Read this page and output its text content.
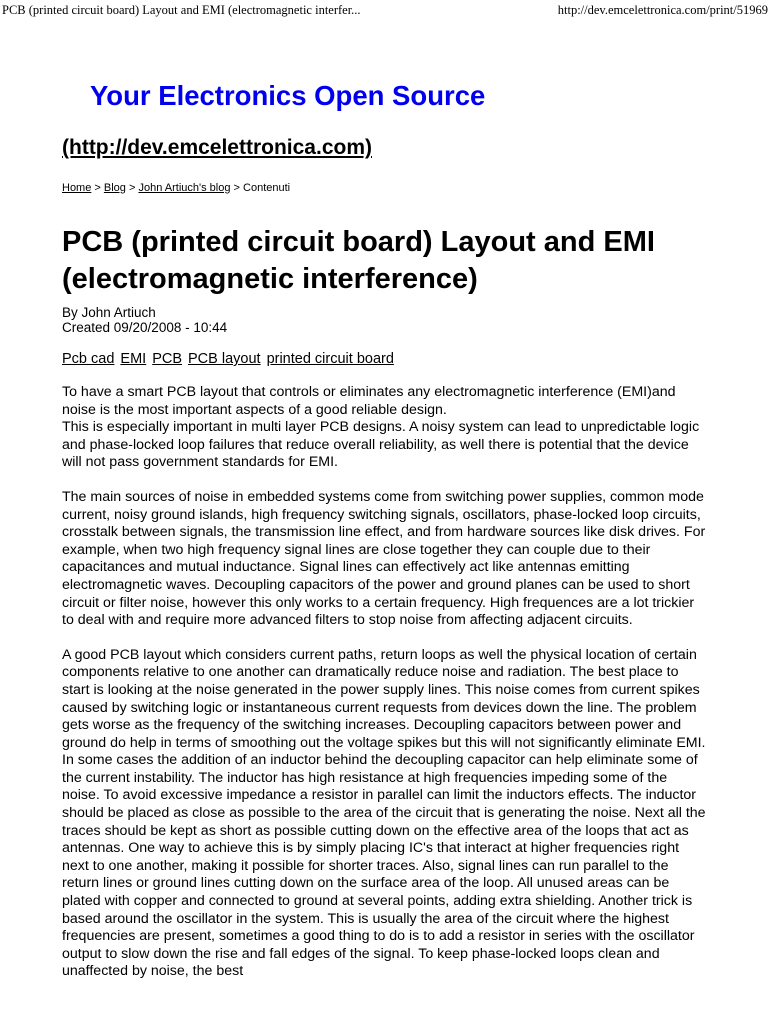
PCB (printed circuit board) Layout and EMI (electromagnetic interfer...	http://dev.emcelettronica.com/print/51969
Your Electronics Open Source
(http://dev.emcelettronica.com)
Home > Blog > John Artiuch's blog > Contenuti
PCB (printed circuit board) Layout and EMI (electromagnetic interference)
By John Artiuch
Created 09/20/2008 - 10:44
Pcb cad EMI PCB PCB layout printed circuit board

To have a smart PCB layout that controls or eliminates any electromagnetic interference (EMI)and noise is the most important aspects of a good reliable design.
This is especially important in multi layer PCB designs. A noisy system can lead to unpredictable logic and phase-locked loop failures that reduce overall reliability, as well there is potential that the device will not pass government standards for EMI.

The main sources of noise in embedded systems come from switching power supplies, common mode current, noisy ground islands, high frequency switching signals, oscillators, phase-locked loop circuits, crosstalk between signals, the transmission line effect, and from hardware sources like disk drives. For example, when two high frequency signal lines are close together they can couple due to their capacitances and mutual inductance. Signal lines can effectively act like antennas emitting electromagnetic waves. Decoupling capacitors of the power and ground planes can be used to short circuit or filter noise, however this only works to a certain frequency. High frequences are a lot trickier to deal with and require more advanced filters to stop noise from affecting adjacent circuits.

A good PCB layout which considers current paths, return loops as well the physical location of certain components relative to one another can dramatically reduce noise and radiation. The best place to start is looking at the noise generated in the power supply lines. This noise comes from current spikes caused by switching logic or instantaneous current requests from devices down the line. The problem gets worse as the frequency of the switching increases. Decoupling capacitors between power and ground do help in terms of smoothing out the voltage spikes but this will not significantly eliminate EMI. In some cases the addition of an inductor behind the decoupling capacitor can help eliminate some of the current instability. The inductor has high resistance at high frequencies impeding some of the noise. To avoid excessive impedance a resistor in parallel can limit the inductors effects. The inductor should be placed as close as possible to the area of the circuit that is generating the noise. Next all the traces should be kept as short as possible cutting down on the effective area of the loops that act as antennas. One way to achieve this is by simply placing IC's that interact at higher frequencies right next to one another, making it possible for shorter traces. Also, signal lines can run parallel to the return lines or ground lines cutting down on the surface area of the loop. All unused areas can be plated with copper and connected to ground at several points, adding extra shielding. Another trick is based around the oscillator in the system. This is usually the area of the circuit where the highest frequencies are present, sometimes a good thing to do is to add a resistor in series with the oscillator output to slow down the rise and fall edges of the signal. To keep phase-locked loops clean and unaffected by noise, the best
